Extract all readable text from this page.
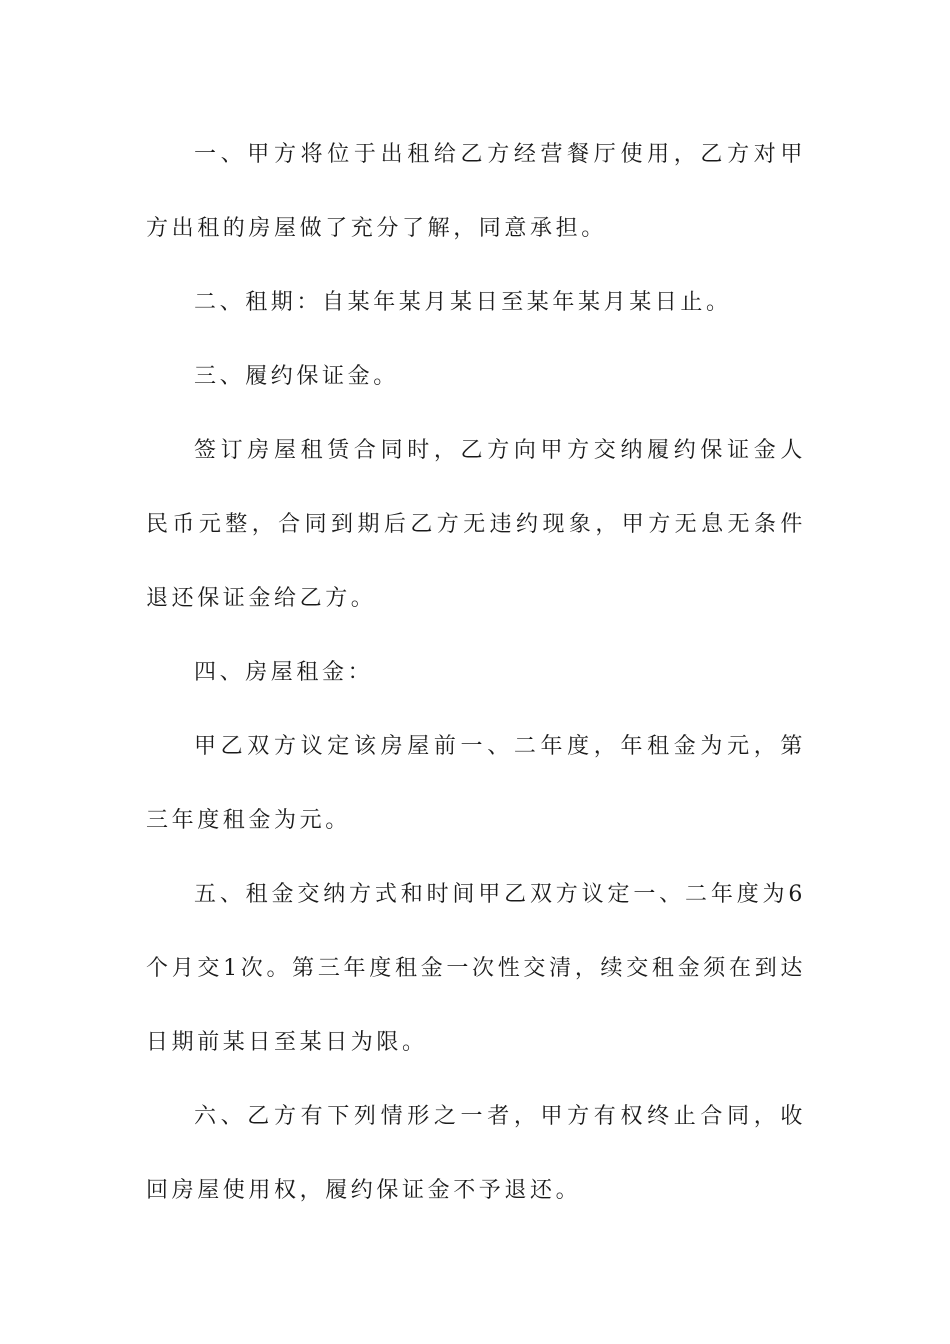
一、甲方将位于出租给乙方经营餐厅使用，乙方对甲方出租的房屋做了充分了解，同意承担。

二、租期：自某年某月某日至某年某月某日止。

三、履约保证金。

签订房屋租赁合同时，乙方向甲方交纳履约保证金人民币元整，合同到期后乙方无违约现象，甲方无息无条件退还保证金给乙方。

四、房屋租金：

甲乙双方议定该房屋前一、二年度，年租金为元，第三年度租金为元。

五、租金交纳方式和时间甲乙双方议定一、二年度为6个月交1次。第三年度租金一次性交清，续交租金须在到达日期前某日至某日为限。

六、乙方有下列情形之一者，甲方有权终止合同，收回房屋使用权，履约保证金不予退还。
